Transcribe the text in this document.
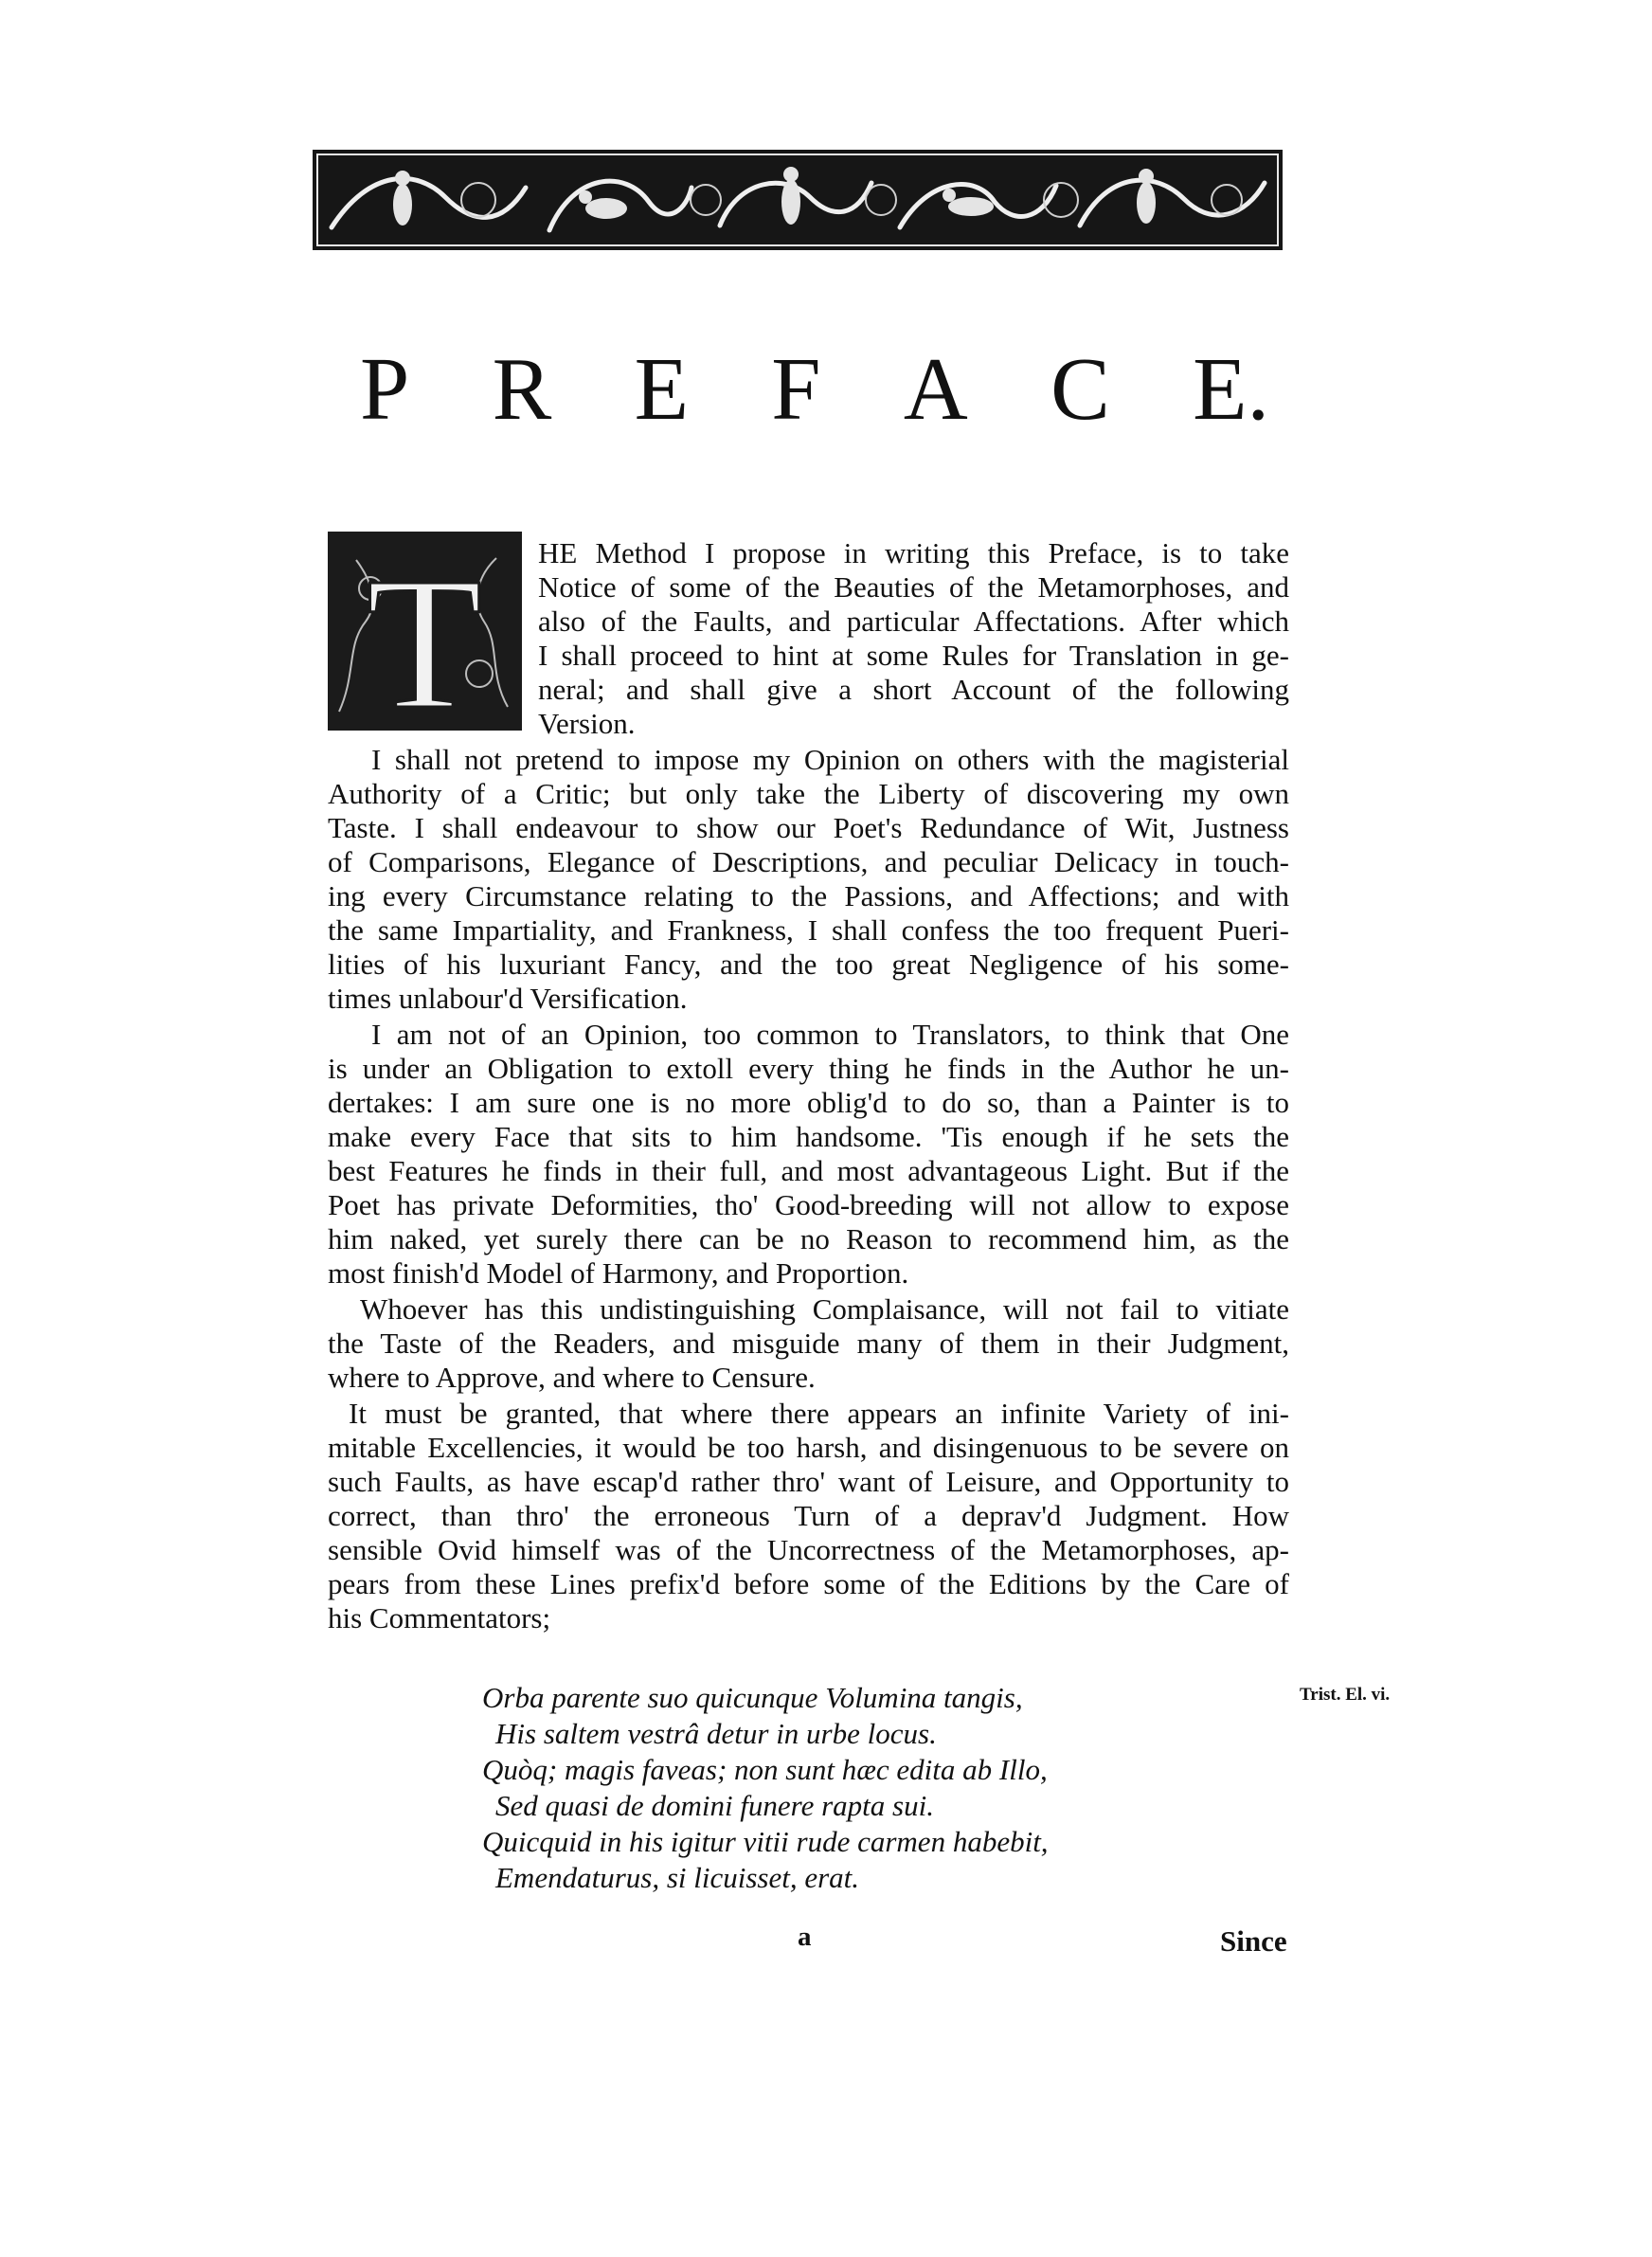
P R E F A C E.
T HE Method I propose in writing this Preface, is to take

Notice of some of the Beauties of the Metamorphoses, and

also of the Faults, and particular Affectations. After which

I shall proceed to hint at some Rules for Translation in ge-

neral; and shall give a short Account of the following

Version.

I shall not pretend to impose my Opinion on others with the magisterial

Authority of a Critic; but only take the Liberty of discovering my own

Taste. I shall endeavour to show our Poet's Redundance of Wit, Justness

of Comparisons, Elegance of Descriptions, and peculiar Delicacy in touch-

ing every Circumstance relating to the Passions, and Affections; and with

the same Impartiality, and Frankness, I shall confess the too frequent Pueri-

lities of his luxuriant Fancy, and the too great Negligence of his some-

times unlabour'd Versification.

I am not of an Opinion, too common to Translators, to think that One

is under an Obligation to extoll every thing he finds in the Author he un-

dertakes: I am sure one is no more oblig'd to do so, than a Painter is to

make every Face that sits to him handsome. 'Tis enough if he sets the

best Features he finds in their full, and most advantageous Light. But if the

Poet has private Deformities, tho' Good-breeding will not allow to expose

him naked, yet surely there can be no Reason to recommend him, as the

most finish'd Model of Harmony, and Proportion.

Whoever has this undistinguishing Complaisance, will not fail to vitiate

the Taste of the Readers, and misguide many of them in their Judgment,

where to Approve, and where to Censure.

It must be granted, that where there appears an infinite Variety of ini-

mitable Excellencies, it would be too harsh, and disingenuous to be severe on

such Faults, as have escap'd rather thro' want of Leisure, and Opportunity to

correct, than thro' the erroneous Turn of a deprav'd Judgment. How

sensible Ovid himself was of the Uncorrectness of the Metamorphoses, ap-

pears from these Lines prefix'd before some of the Editions by the Care of

his Commentators;

Orba parente suo quicunque Volumina tangis,

His saltem vestrâ detur in urbe locus.

Quòq; magis faveas; non sunt hæc edita ab Illo,

Sed quasi de domini funere rapta sui.

Quicquid in his igitur vitii rude carmen habebit,

Emendaturus, si licuisset, erat.

Trist. El. vi.
a	Since
